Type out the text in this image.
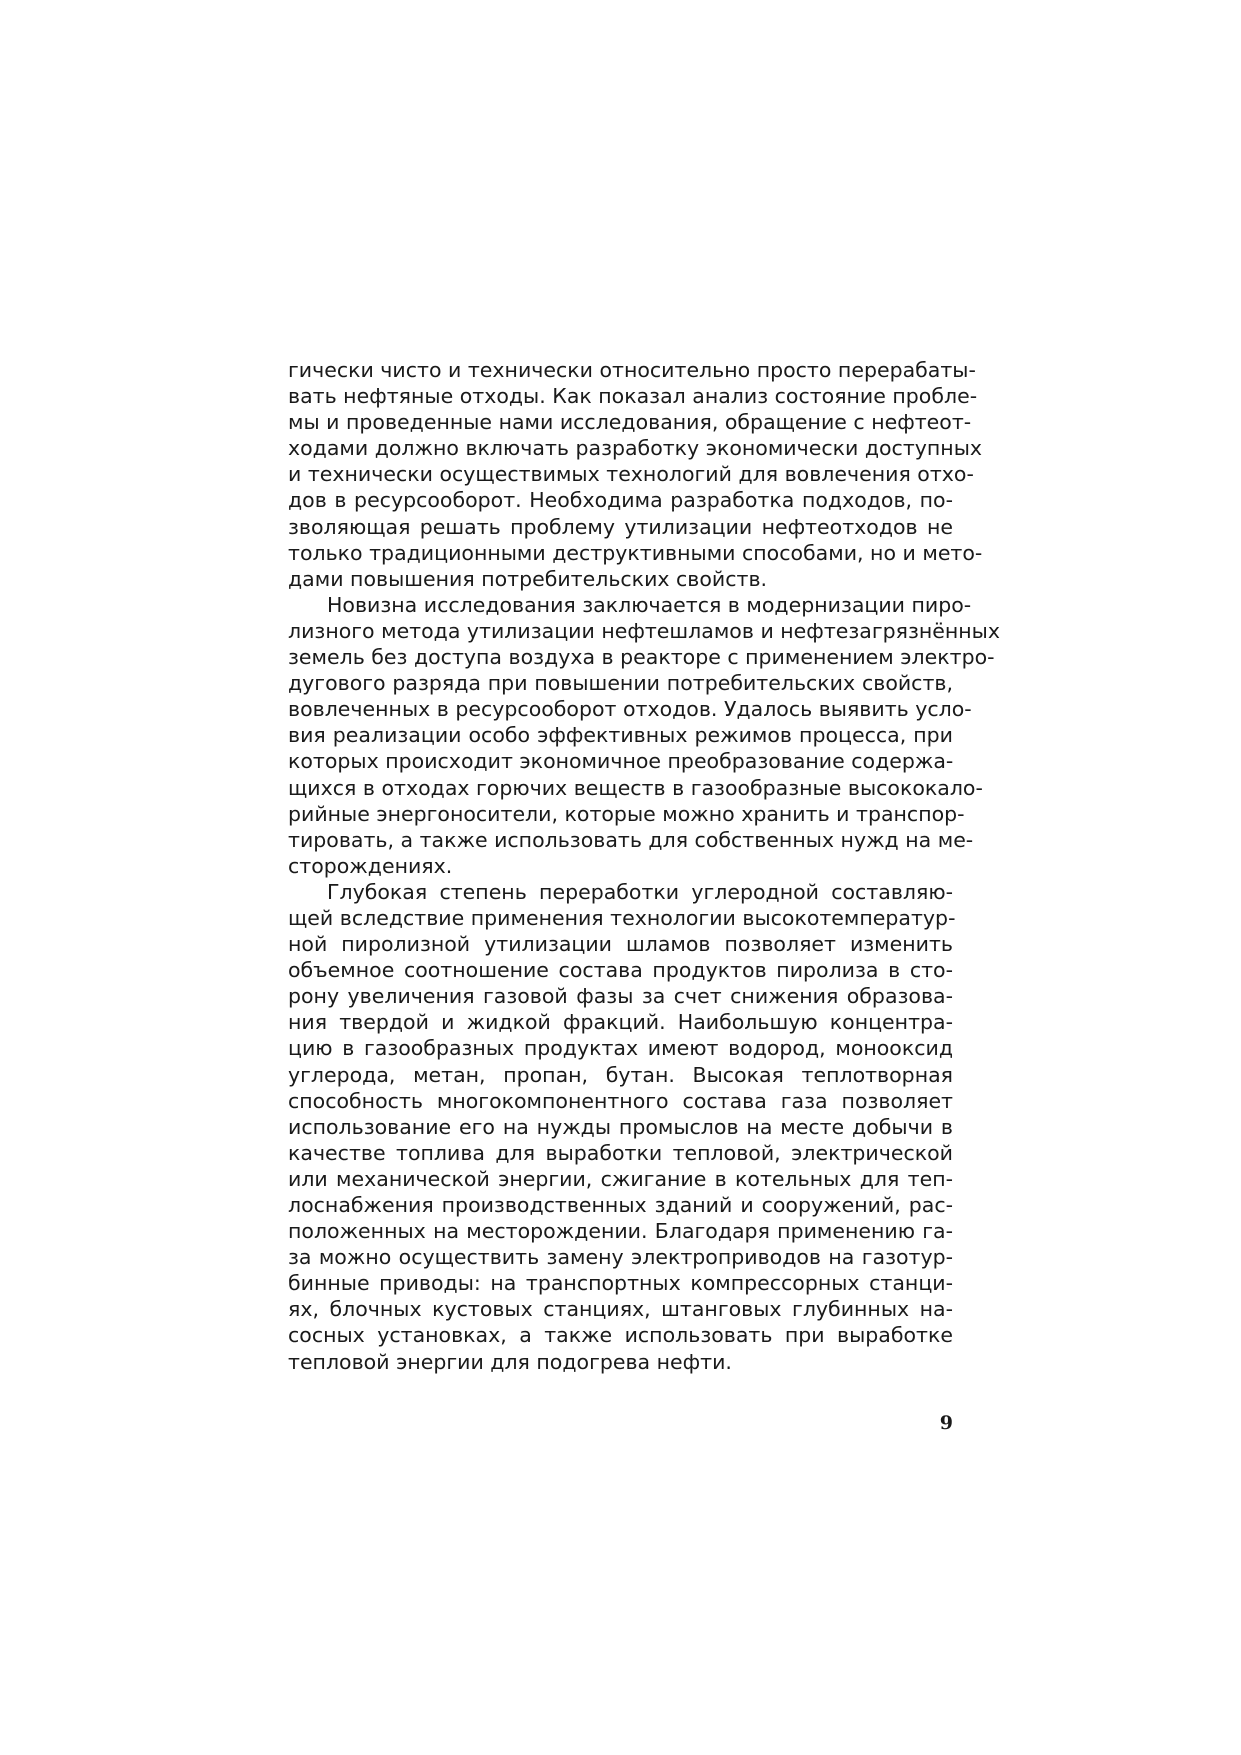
гически чисто и технически относительно просто перерабаты-
вать нефтяные отходы. Как показал анализ состояние пробле-
мы и проведенные нами исследования, обращение с нефтеот-
ходами должно включать разработку экономически доступных
и технически осуществимых технологий для вовлечения отхо-
дов в ресурсооборот. Необходима разработка подходов, по-
зволяющая решать проблему утилизации нефтеотходов не
только традиционными деструктивными способами, но и мето-
дами повышения потребительских свойств.
Новизна исследования заключается в модернизации пиро-
лизного метода утилизации нефтешламов и нефтезагрязнённых
земель без доступа воздуха в реакторе с применением электро-
дугового разряда при повышении потребительских свойств,
вовлеченных в ресурсооборот отходов. Удалось выявить усло-
вия реализации особо эффективных режимов процесса, при
которых происходит экономичное преобразование содержа-
щихся в отходах горючих веществ в газообразные высококало-
рийные энергоносители, которые можно хранить и транспор-
тировать, а также использовать для собственных нужд на ме-
сторождениях.
Глубокая степень переработки углеродной составляю-
щей вследствие применения технологии высокотемператур-
ной пиролизной утилизации шламов позволяет изменить
объемное соотношение состава продуктов пиролиза в сто-
рону увеличения газовой фазы за счет снижения образова-
ния твердой и жидкой фракций. Наибольшую концентра-
цию в газообразных продуктах имеют водород, монооксид
углерода, метан, пропан, бутан. Высокая теплотворная
способность многокомпонентного состава газа позволяет
использование его на нужды промыслов на месте добычи в
качестве топлива для выработки тепловой, электрической
или механической энергии, сжигание в котельных для теп-
лоснабжения производственных зданий и сооружений, рас-
положенных на месторождении. Благодаря применению га-
за можно осуществить замену электроприводов на газотур-
бинные приводы: на транспортных компрессорных станци-
ях, блочных кустовых станциях, штанговых глубинных на-
сосных установках, а также использовать при выработке
тепловой энергии для подогрева нефти.
9
